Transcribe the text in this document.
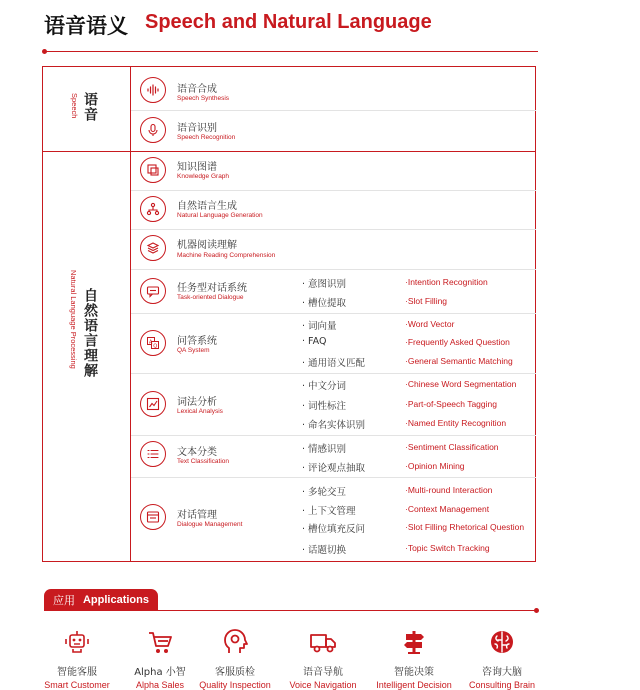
语音语义 Speech and Natural Language
语音
Speech
自然语言理解
Natural Language Processing
语音合成
Speech Synthesis
语音识别
Speech Recognition
知识图谱
Knowledge Graph
自然语言生成
Natural Language Generation
机器阅读理解
Machine Reading Comprehension
任务型对话系统
Task-oriented Dialogue
· 意图识别	·Intention Recognition
· 槽位提取	·Slot Filling
A
Q 问答系统
QA System
· 词向量	·Word Vector
· FAQ	·Frequently Asked Question
· 通用语义匹配	·General Semantic Matching
词法分析
Lexical Analysis
· 中文分词	·Chinese Word Segmentation
· 词性标注	·Part-of-Speech Tagging
· 命名实体识别	·Named Entity Recognition
文本分类
Text Classification
· 情感识别	·Sentiment Classification
· 评论观点抽取	·Opinion Mining
对话管理
Dialogue Management
· 多轮交互	·Multi-round Interaction
· 上下文管理	·Context Management
· 槽位填充反问	·Slot Filling Rhetorical Question
· 话题切换	·Topic Switch Tracking
应用 Applications
智能客服
Smart Customer
Alpha 小智
Alpha Sales
客服质检
Quality Inspection
语音导航
Voice Navigation
智能决策
Intelligent Decision
咨询大脑
Consulting Brain
